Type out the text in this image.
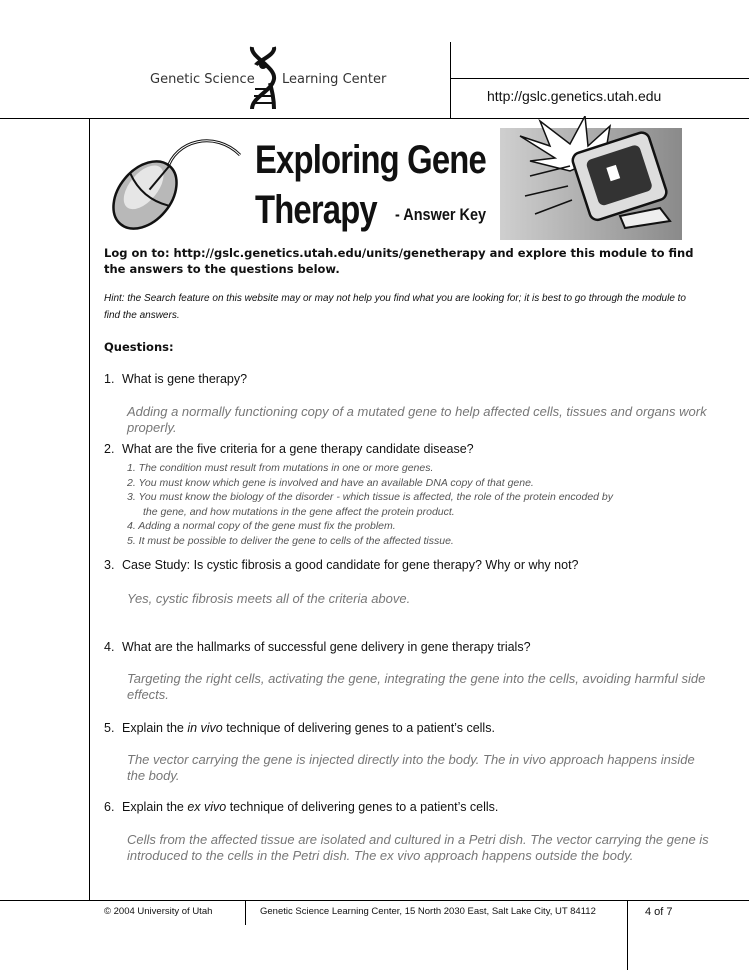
Genetic Science Learning Center
http://gslc.genetics.utah.edu
Exploring Gene
Therapy - Answer Key
Log on to: http://gslc.genetics.utah.edu/units/genetherapy and explore this module to find the answers to the questions below.
Hint: the Search feature on this website may or may not help you find what you are looking for; it is best to go through the module to find the answers.
Questions:
1. What is gene therapy?
Adding a normally functioning copy of a mutated gene to help affected cells, tissues and organs work properly.
2. What are the five criteria for a gene therapy candidate disease?
1. The condition must result from mutations in one or more genes.
2. You must know which gene is involved and have an available DNA copy of that gene.
3. You must know the biology of the disorder - which tissue is affected, the role of the protein encoded by
the gene, and how mutations in the gene affect the protein product.
4. Adding a normal copy of the gene must fix the problem.
5. It must be possible to deliver the gene to cells of the affected tissue.
3. Case Study: Is cystic fibrosis a good candidate for gene therapy? Why or why not?
Yes, cystic fibrosis meets all of the criteria above.
4. What are the hallmarks of successful gene delivery in gene therapy trials?
Targeting the right cells, activating the gene, integrating the gene into the cells, avoiding harmful side effects.
5. Explain the in vivo technique of delivering genes to a patient’s cells.
The vector carrying the gene is injected directly into the body. The in vivo approach happens inside the body.
6. Explain the ex vivo technique of delivering genes to a patient’s cells.
Cells from the affected tissue are isolated and cultured in a Petri dish. The vector carrying the gene is introduced to the cells in the Petri dish. The ex vivo approach happens outside the body.
© 2004 University of Utah	Genetic Science Learning Center, 15 North 2030 East, Salt Lake City, UT 84112	4 of 7
